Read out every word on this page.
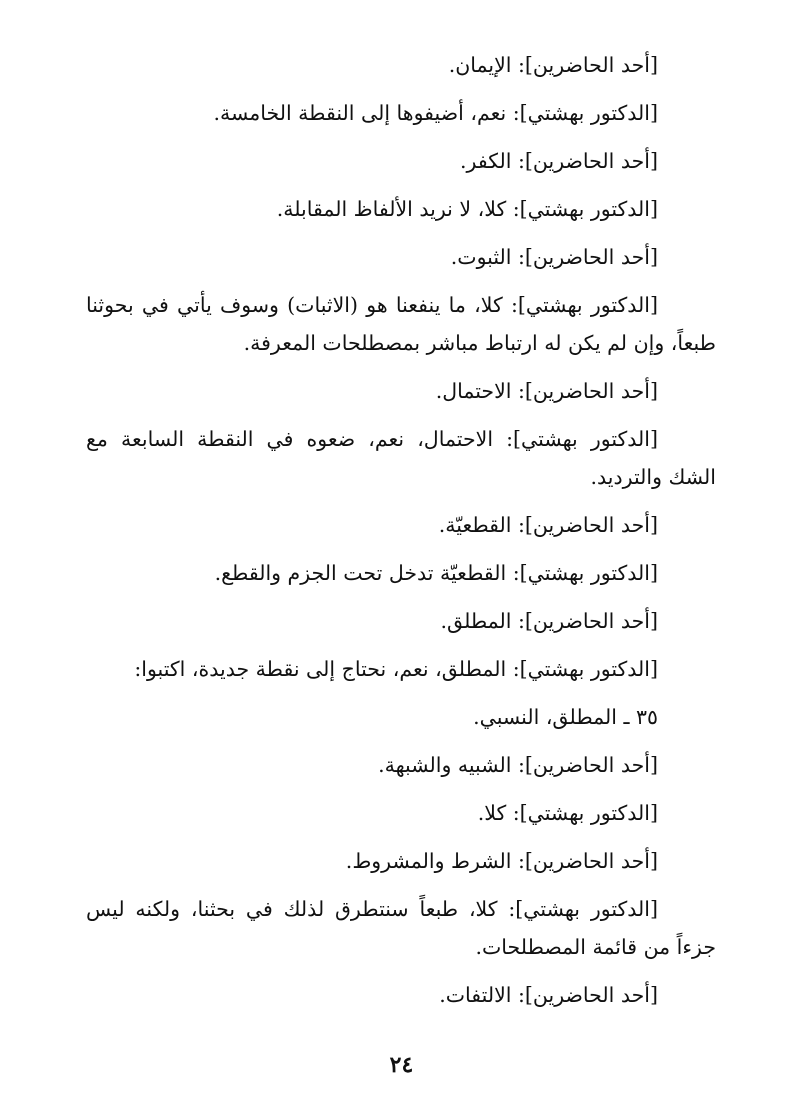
[أحد الحاضرين]: الإيمان.

[الدكتور بهشتي]: نعم، أضيفوها إلى النقطة الخامسة.

[أحد الحاضرين]: الكفر.

[الدكتور بهشتي]: كلا، لا نريد الألفاظ المقابلة.

[أحد الحاضرين]: الثبوت.

[الدكتور بهشتي]: كلا، ما ينفعنا هو (الاثبات) وسوف يأتي في بحوثنا طبعاً، وإن لم يكن له ارتباط مباشر بمصطلحات المعرفة.

[أحد الحاضرين]: الاحتمال.

[الدكتور بهشتي]: الاحتمال، نعم، ضعوه في النقطة السابعة مع الشك والترديد.

[أحد الحاضرين]: القطعيّة.

[الدكتور بهشتي]: القطعيّة تدخل تحت الجزم والقطع.

[أحد الحاضرين]: المطلق.

[الدكتور بهشتي]: المطلق، نعم، نحتاج إلى نقطة جديدة، اكتبوا:

٣٥ ـ المطلق، النسبي.

[أحد الحاضرين]: الشبيه والشبهة.

[الدكتور بهشتي]: كلا.

[أحد الحاضرين]: الشرط والمشروط.

[الدكتور بهشتي]: كلا، طبعاً سنتطرق لذلك في بحثنا، ولكنه ليس جزءاً من قائمة المصطلحات.

[أحد الحاضرين]: الالتفات.

٢٤
